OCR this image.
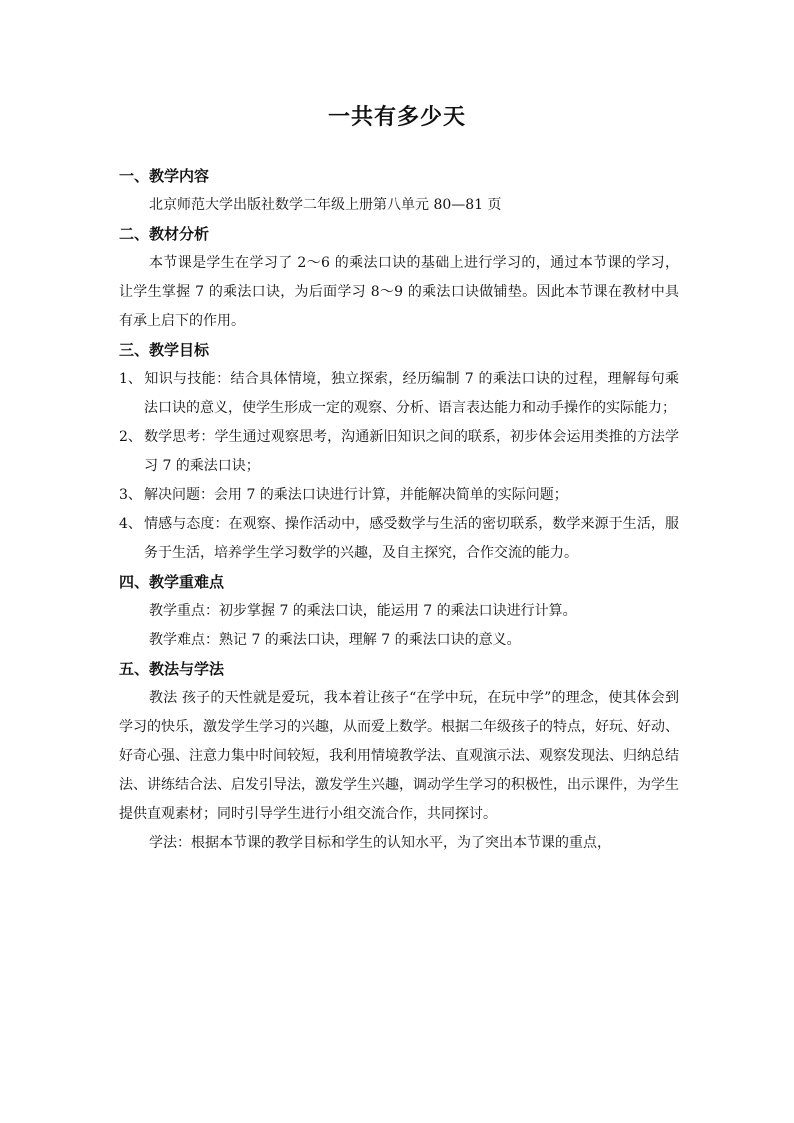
一共有多少天
一、教学内容
北京师范大学出版社数学二年级上册第八单元 80—81 页
二、教材分析
本节课是学生在学习了 2～6 的乘法口诀的基础上进行学习的，通过本节课的学习，让学生掌握 7 的乘法口诀，为后面学习 8～9 的乘法口诀做铺垫。因此本节课在教材中具有承上启下的作用。
三、教学目标
1、 知识与技能：结合具体情境，独立探索，经历编制 7 的乘法口诀的过程，理解每句乘法口诀的意义，使学生形成一定的观察、分析、语言表达能力和动手操作的实际能力；
2、 数学思考：学生通过观察思考，沟通新旧知识之间的联系，初步体会运用类推的方法学习 7 的乘法口诀；
3、 解决问题：会用 7 的乘法口诀进行计算，并能解决简单的实际问题；
4、 情感与态度：在观察、操作活动中，感受数学与生活的密切联系，数学来源于生活，服务于生活，培养学生学习数学的兴趣，及自主探究，合作交流的能力。
四、教学重难点
教学重点：初步掌握 7 的乘法口诀，能运用 7 的乘法口诀进行计算。
教学难点：熟记 7 的乘法口诀，理解 7 的乘法口诀的意义。
五、教法与学法
教法 孩子的天性就是爱玩，我本着让孩子“在学中玩，在玩中学”的理念，使其体会到学习的快乐，激发学生学习的兴趣，从而爱上数学。根据二年级孩子的特点，好玩、好动、好奇心强、注意力集中时间较短，我利用情境教学法、直观演示法、观察发现法、归纳总结法、讲练结合法、启发引导法，激发学生兴趣，调动学生学习的积极性，出示课件，为学生提供直观素材；同时引导学生进行小组交流合作，共同探讨。
学法：根据本节课的教学目标和学生的认知水平，为了突出本节课的重点，
